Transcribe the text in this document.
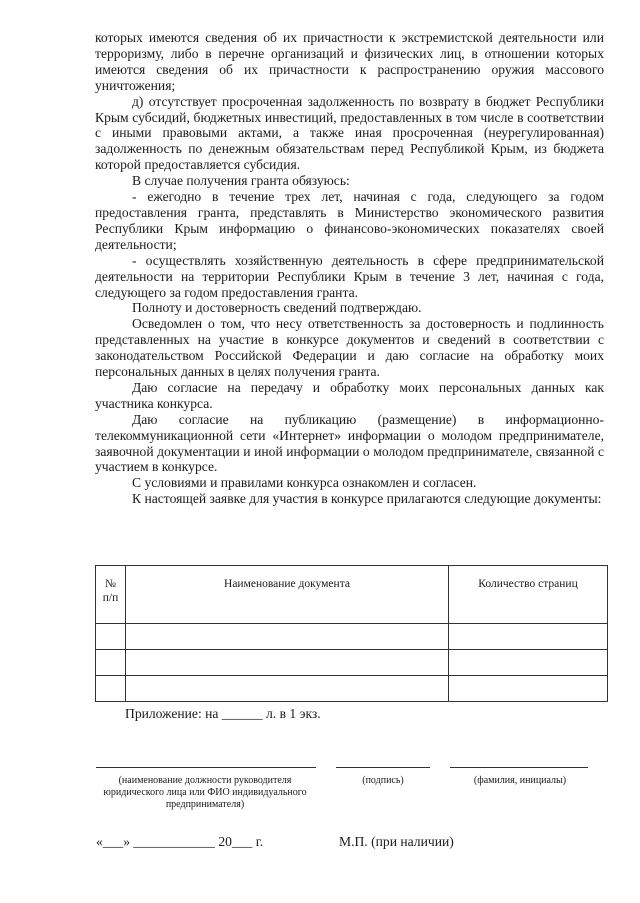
которых имеются сведения об их причастности к экстремистской деятельности или терроризму, либо в перечне организаций и физических лиц, в отношении которых имеются сведения об их причастности к распространению оружия массового уничтожения;

д) отсутствует просроченная задолженность по возврату в бюджет Республики Крым субсидий, бюджетных инвестиций, предоставленных в том числе в соответствии с иными правовыми актами, а также иная просроченная (неурегулированная) задолженность по денежным обязательствам перед Республикой Крым, из бюджета которой предоставляется субсидия.

В случае получения гранта обязуюсь:

- ежегодно в течение трех лет, начиная с года, следующего за годом предоставления гранта, представлять в Министерство экономического развития Республики Крым информацию о финансово-экономических показателях своей деятельности;

- осуществлять хозяйственную деятельность в сфере предпринимательской деятельности на территории Республики Крым в течение 3 лет, начиная с года, следующего за годом предоставления гранта.

Полноту и достоверность сведений подтверждаю.

Осведомлен о том, что несу ответственность за достоверность и подлинность представленных на участие в конкурсе документов и сведений в соответствии с законодательством Российской Федерации и даю согласие на обработку моих персональных данных в целях получения гранта.

Даю согласие на передачу и обработку моих персональных данных как участника конкурса.

Даю согласие на публикацию (размещение) в информационно-телекоммуникационной сети «Интернет» информации о молодом предпринимателе, заявочной документации и иной информации о молодом предпринимателе, связанной с участием в конкурсе.

С условиями и правилами конкурса ознакомлен и согласен.

К настоящей заявке для участия в конкурсе прилагаются следующие документы:

№
п/п	Наименование документа	Количество страниц

Приложение: на ______ л. в 1 экз.
(наименование должности руководителя юридического лица или ФИО индивидуального предпринимателя)
(подпись)	(фамилия, инициалы)
«___» ____________ 20___ г.	М.П. (при наличии)
